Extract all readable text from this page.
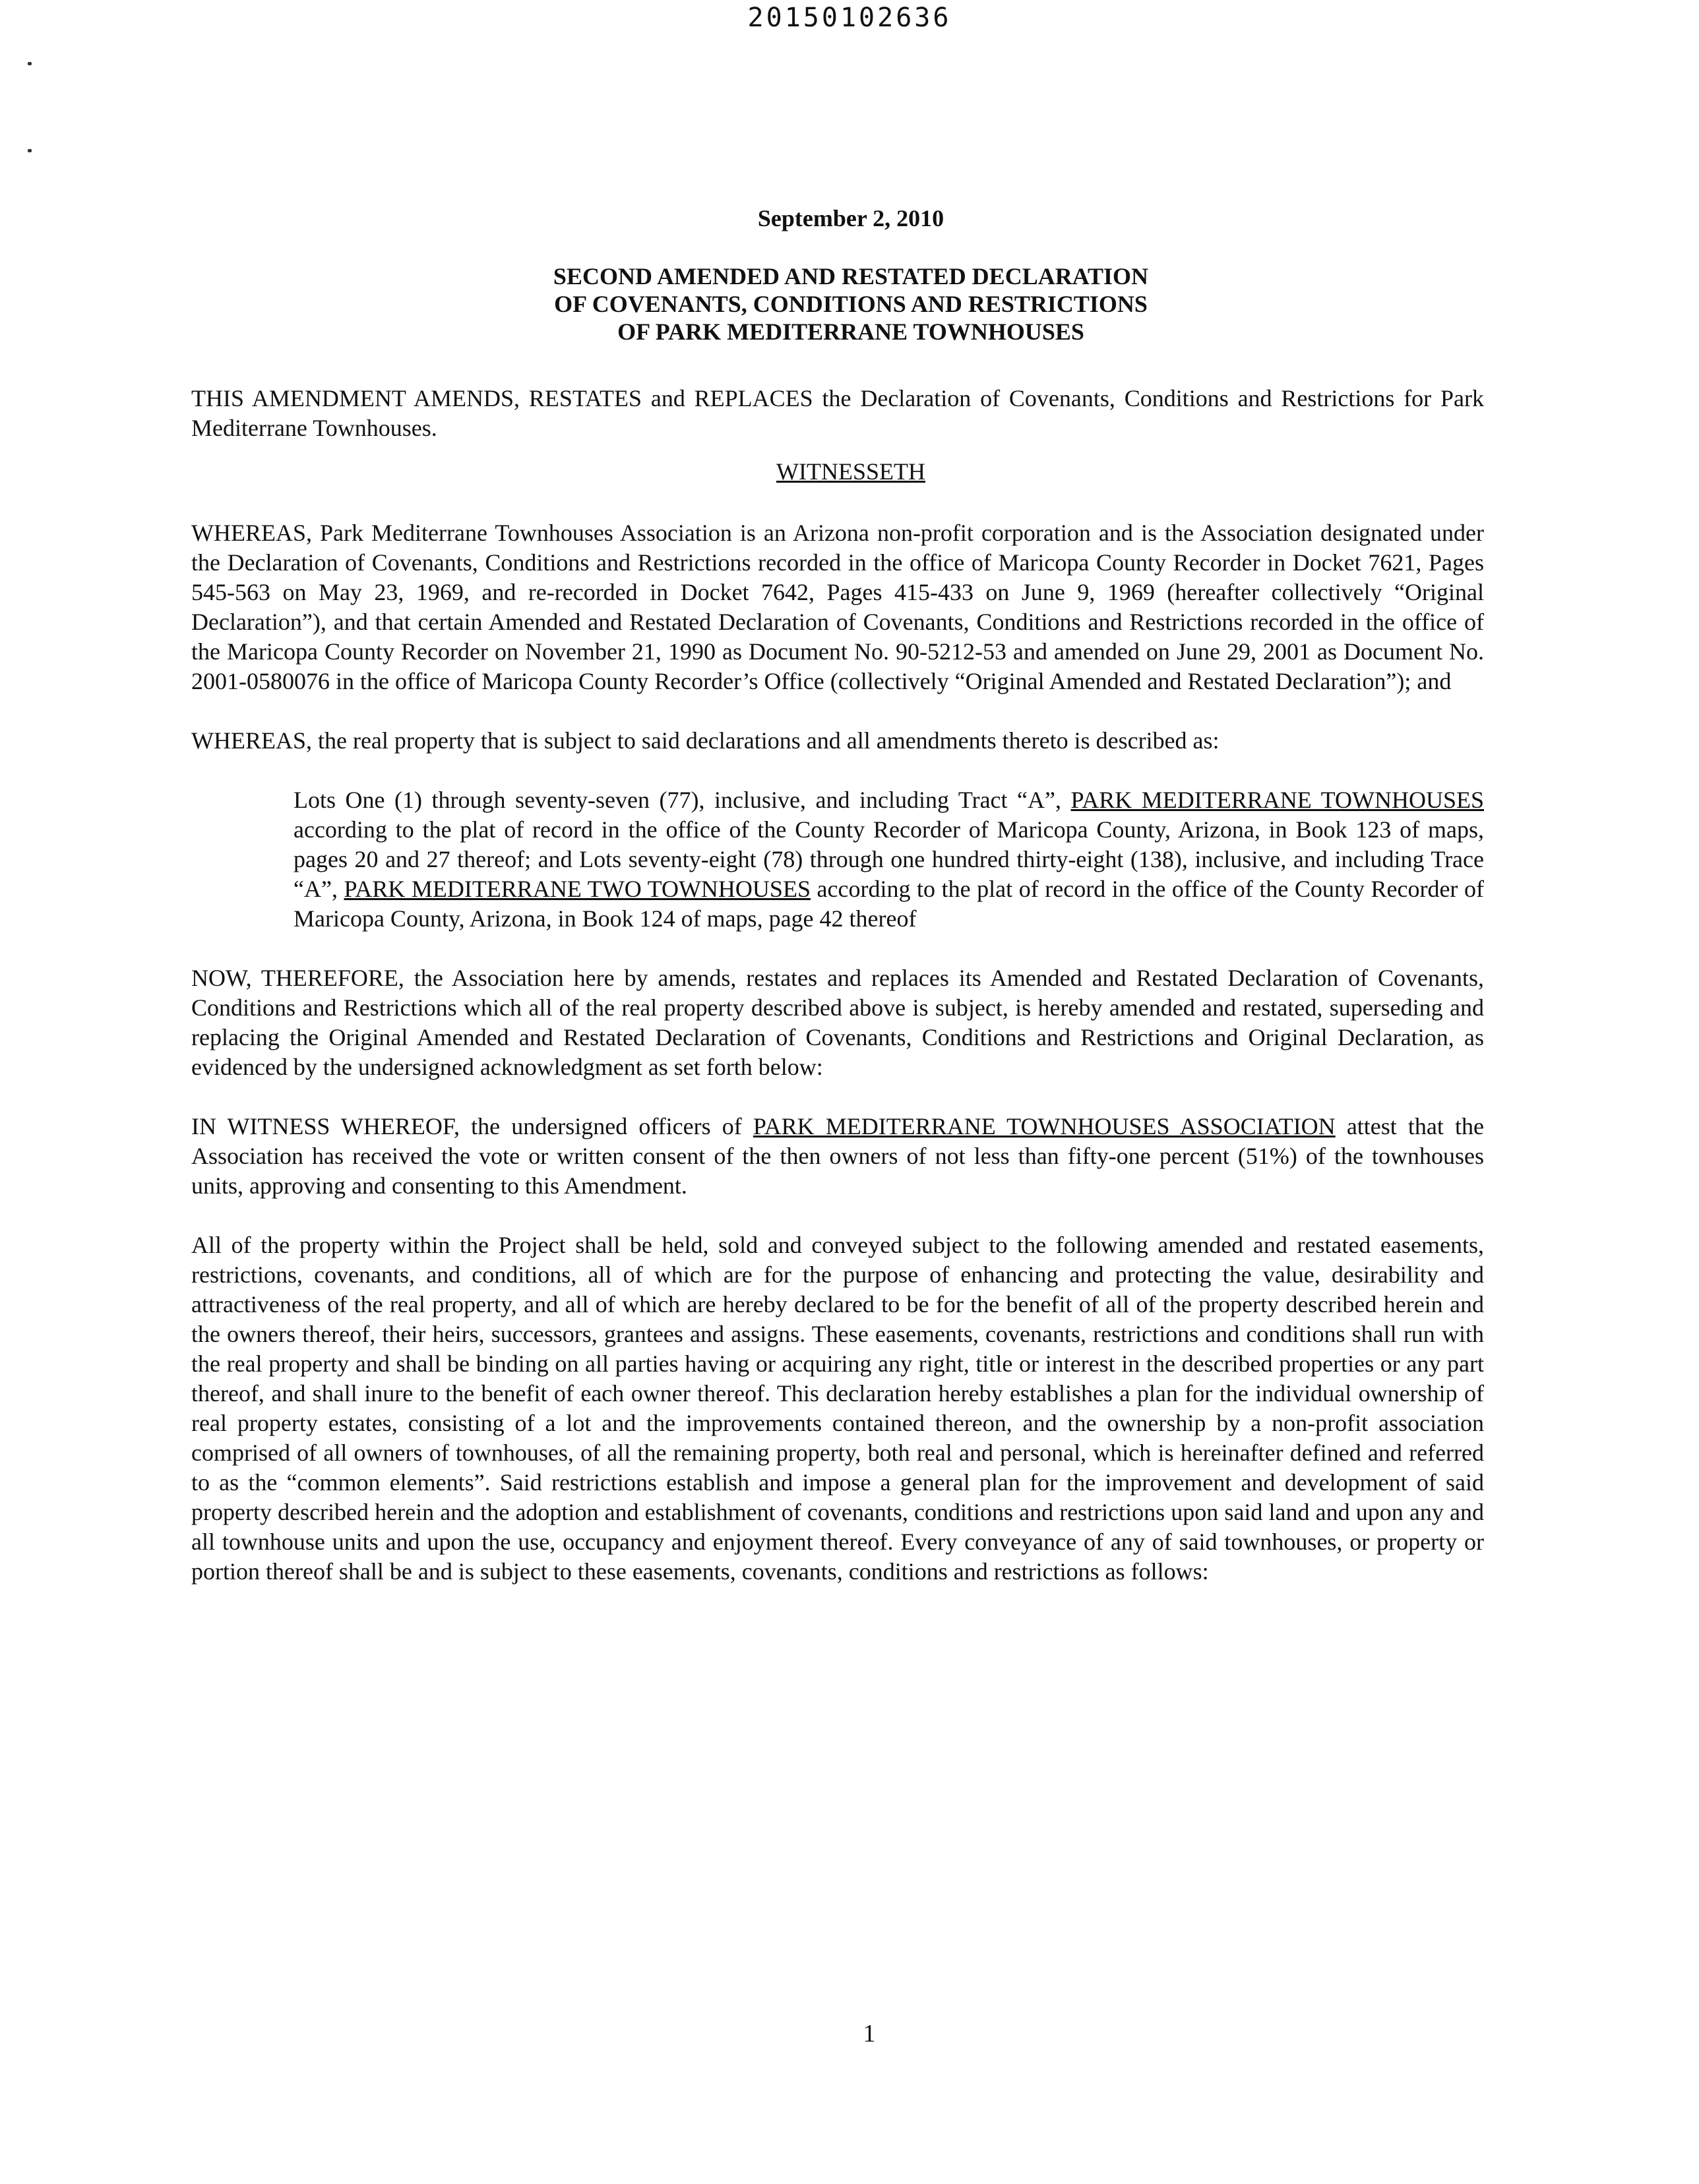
20150102636
September 2, 2010
SECOND AMENDED AND RESTATED DECLARATION
OF COVENANTS, CONDITIONS AND RESTRICTIONS
OF PARK MEDITERRANE TOWNHOUSES

THIS AMENDMENT AMENDS, RESTATES and REPLACES the Declaration of Covenants, Conditions and Restrictions for Park Mediterrane Townhouses.

WITNESSETH

WHEREAS, Park Mediterrane Townhouses Association is an Arizona non-profit corporation and is the Association designated under the Declaration of Covenants, Conditions and Restrictions recorded in the office of Maricopa County Recorder in Docket 7621, Pages 545-563 on May 23, 1969, and re-recorded in Docket 7642, Pages 415-433 on June 9, 1969 (hereafter collectively “Original Declaration”), and that certain Amended and Restated Declaration of Covenants, Conditions and Restrictions recorded in the office of the Maricopa County Recorder on November 21, 1990 as Document No. 90-5212-53 and amended on June 29, 2001 as Document No. 2001-0580076 in the office of Maricopa County Recorder’s Office (collectively “Original Amended and Restated Declaration”); and

WHEREAS, the real property that is subject to said declarations and all amendments thereto is described as:

Lots One (1) through seventy-seven (77), inclusive, and including Tract “A”, PARK MEDITERRANE TOWNHOUSES according to the plat of record in the office of the County Recorder of Maricopa County, Arizona, in Book 123 of maps, pages 20 and 27 thereof; and Lots seventy-eight (78) through one hundred thirty-eight (138), inclusive, and including Trace “A”, PARK MEDITERRANE TWO TOWNHOUSES according to the plat of record in the office of the County Recorder of Maricopa County, Arizona, in Book 124 of maps, page 42 thereof

NOW, THEREFORE, the Association here by amends, restates and replaces its Amended and Restated Declaration of Covenants, Conditions and Restrictions which all of the real property described above is subject, is hereby amended and restated, superseding and replacing the Original Amended and Restated Declaration of Covenants, Conditions and Restrictions and Original Declaration, as evidenced by the undersigned acknowledgment as set forth below:

IN WITNESS WHEREOF, the undersigned officers of PARK MEDITERRANE TOWNHOUSES ASSOCIATION attest that the Association has received the vote or written consent of the then owners of not less than fifty-one percent (51%) of the townhouses units, approving and consenting to this Amendment.

All of the property within the Project shall be held, sold and conveyed subject to the following amended and restated easements, restrictions, covenants, and conditions, all of which are for the purpose of enhancing and protecting the value, desirability and attractiveness of the real property, and all of which are hereby declared to be for the benefit of all of the property described herein and the owners thereof, their heirs, successors, grantees and assigns. These easements, covenants, restrictions and conditions shall run with the real property and shall be binding on all parties having or acquiring any right, title or interest in the described properties or any part thereof, and shall inure to the benefit of each owner thereof. This declaration hereby establishes a plan for the individual ownership of real property estates, consisting of a lot and the improvements contained thereon, and the ownership by a non-profit association comprised of all owners of townhouses, of all the remaining property, both real and personal, which is hereinafter defined and referred to as the “common elements”. Said restrictions establish and impose a general plan for the improvement and development of said property described herein and the adoption and establishment of covenants, conditions and restrictions upon said land and upon any and all townhouse units and upon the use, occupancy and enjoyment thereof. Every conveyance of any of said townhouses, or property or portion thereof shall be and is subject to these easements, covenants, conditions and restrictions as follows:

1
